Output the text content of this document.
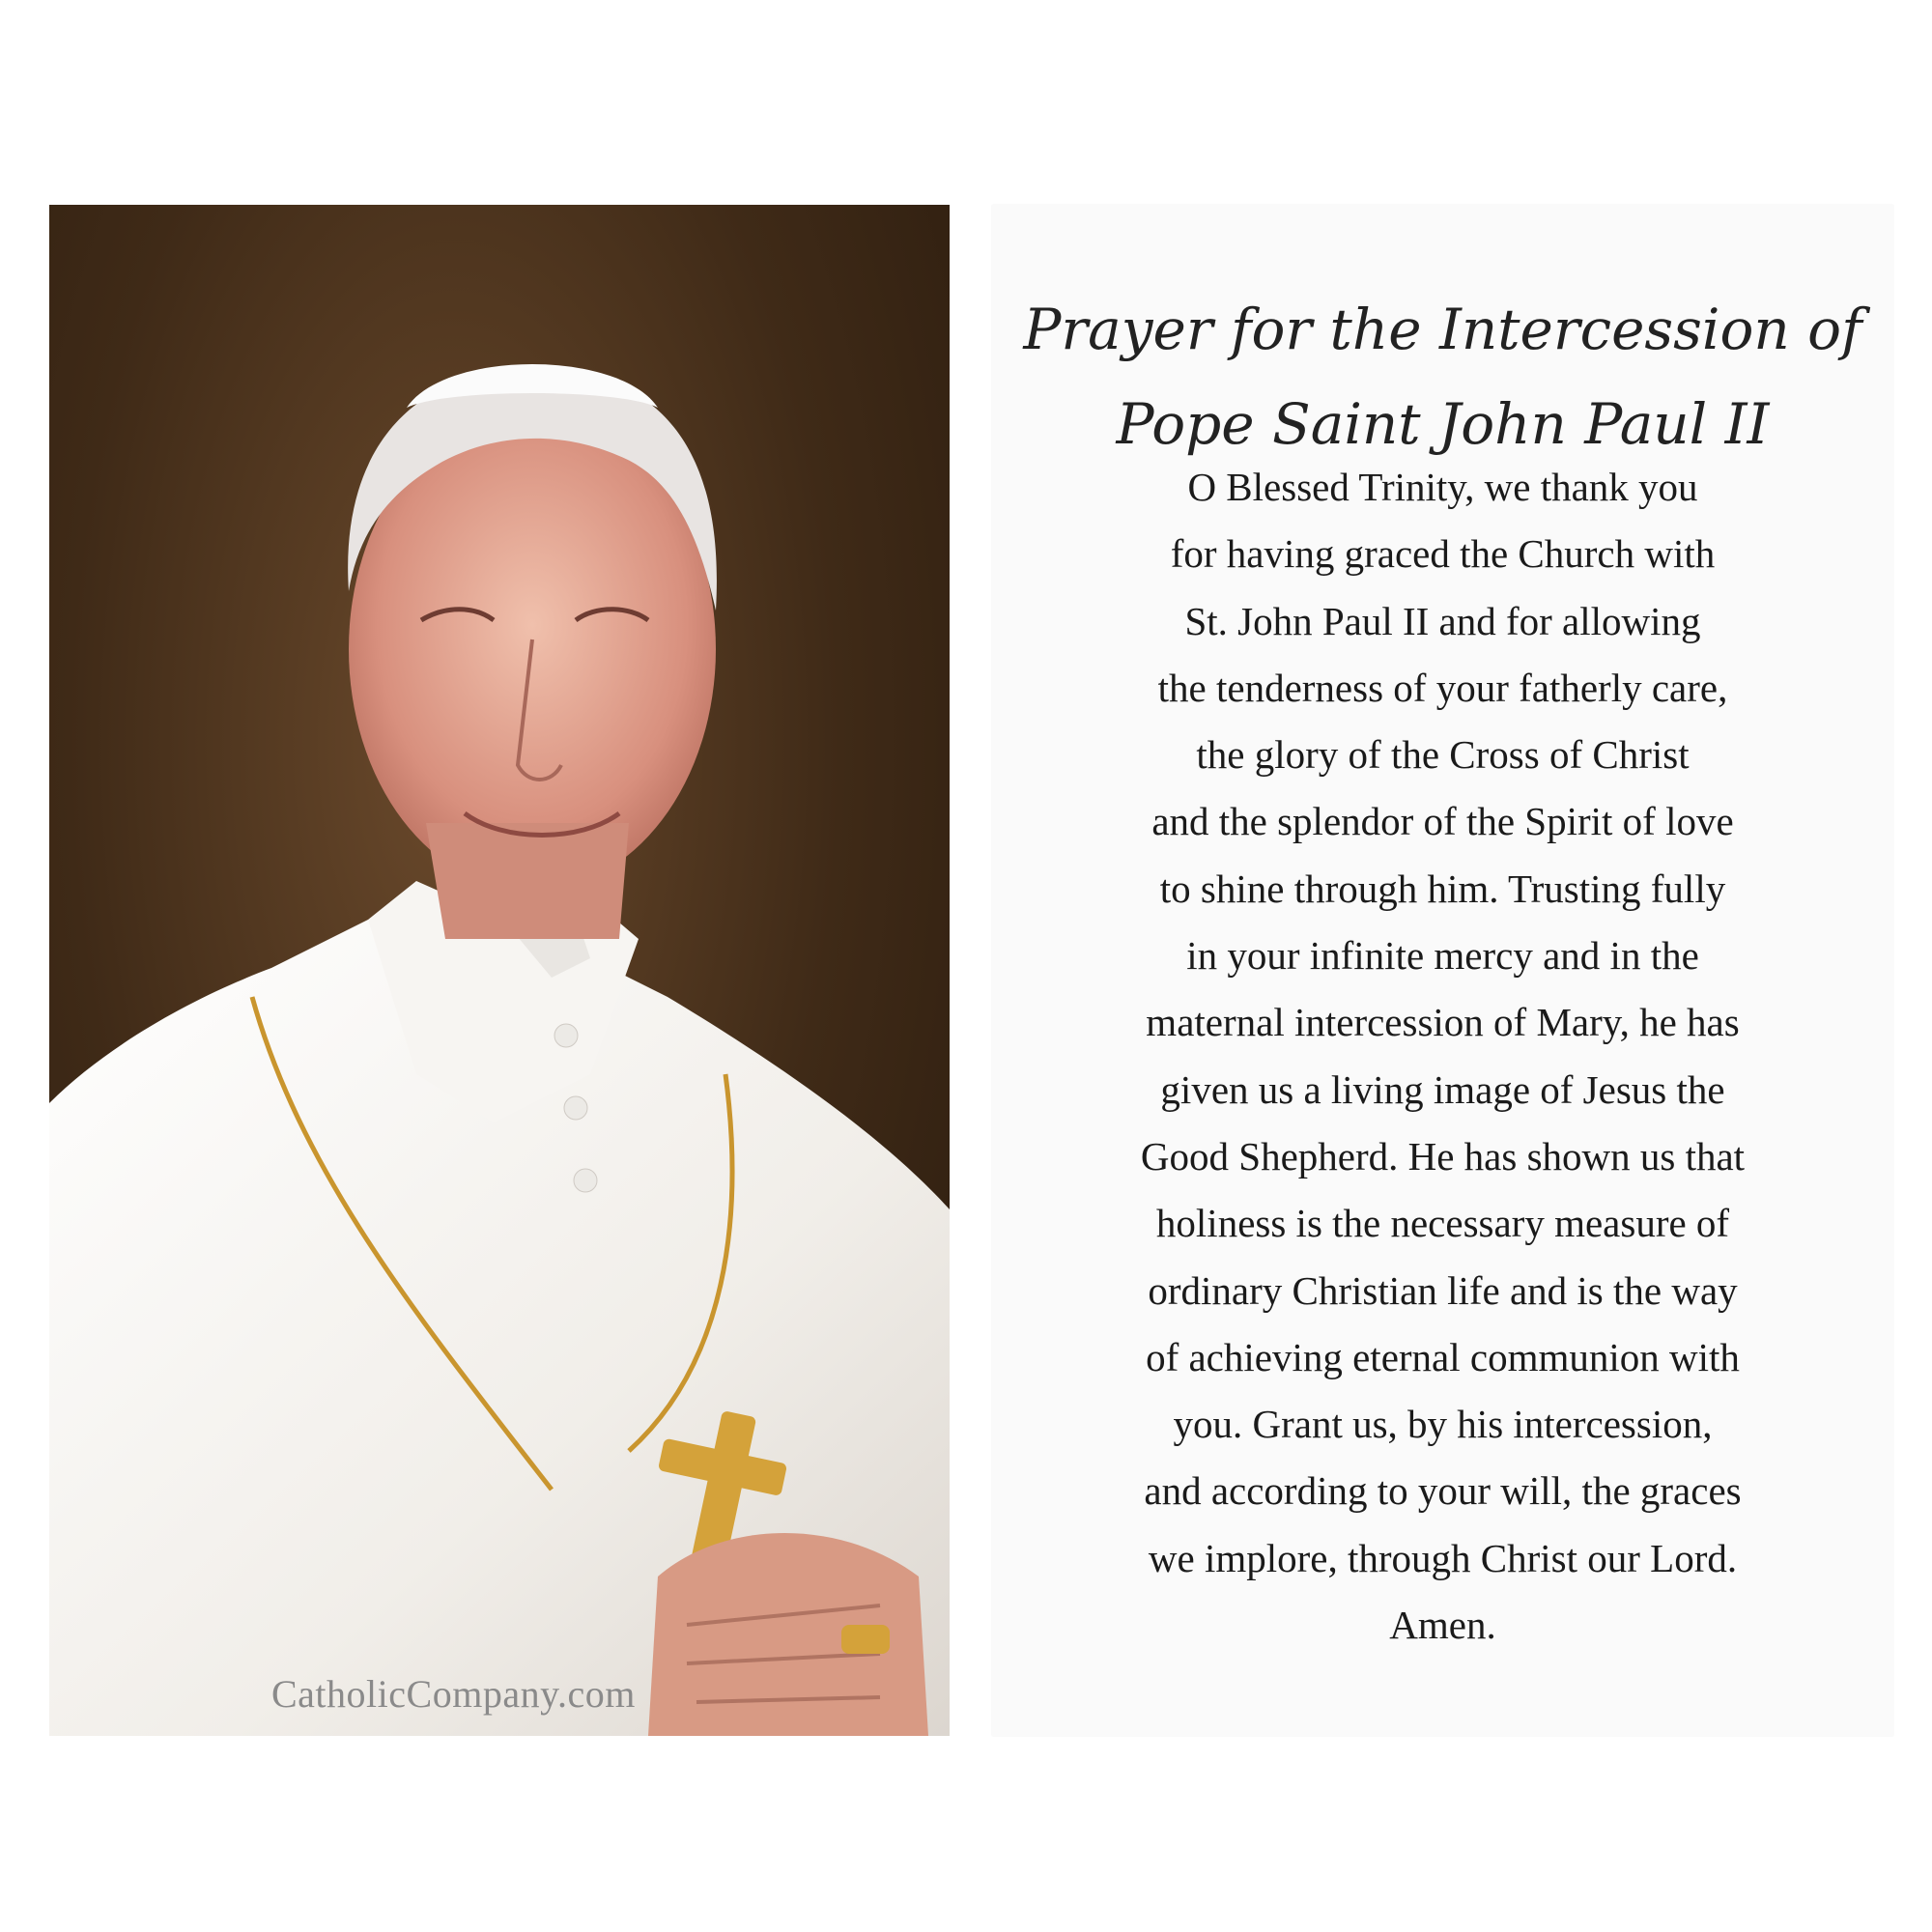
CatholicCompany.com
Prayer for the Intercession of
Pope Saint John Paul II
O Blessed Trinity, we thank you
for having graced the Church with
St. John Paul II and for allowing
the tenderness of your fatherly care,
the glory of the Cross of Christ
and the splendor of the Spirit of love
to shine through him. Trusting fully
in your infinite mercy and in the
maternal intercession of Mary, he has
given us a living image of Jesus the
Good Shepherd. He has shown us that
holiness is the necessary measure of
ordinary Christian life and is the way
of achieving eternal communion with
you. Grant us, by his intercession,
and according to your will, the graces
we implore, through Christ our Lord.
Amen.
